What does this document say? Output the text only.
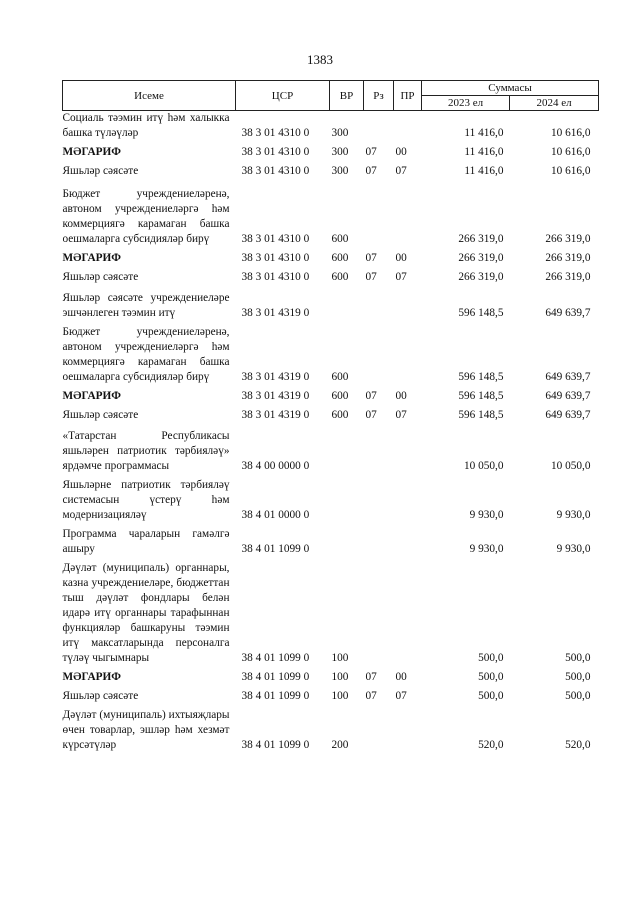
1383
Исеме	ЦСР	ВР	Рз	ПР	Суммасы	
					2023 ел	2024 ел
Социаль тәэмин итү һәм халыкка башка түләүләр	38 3 01 4310 0	300			11 416,0	10 616,0

МӘГАРИФ	38 3 01 4310 0	300	07	00	11 416,0	10 616,0

Яшьләр сәясәте	38 3 01 4310 0	300	07	07	11 416,0	10 616,0

Бюджет учреждениеләренә, автоном учреждениеләргә һәм коммерциягә карамаган башка оешмаларга субсидияләр бирү	38 3 01 4310 0	600			266 319,0	266 319,0

МӘГАРИФ	38 3 01 4310 0	600	07	00	266 319,0	266 319,0

Яшьләр сәясәте	38 3 01 4310 0	600	07	07	266 319,0	266 319,0

Яшьләр сәясәте учреждениеләре эшчәнлеген тәэмин итү	38 3 01 4319 0				596 148,5	649 639,7

Бюджет учреждениеләренә, автоном учреждениеләргә һәм коммерциягә карамаган башка оешмаларга субсидияләр бирү	38 3 01 4319 0	600			596 148,5	649 639,7

МӘГАРИФ	38 3 01 4319 0	600	07	00	596 148,5	649 639,7

Яшьләр сәясәте	38 3 01 4319 0	600	07	07	596 148,5	649 639,7

«Татарстан Республикасы яшьләрен патриотик тәрбияләү» ярдәмче программасы	38 4 00 0000 0				10 050,0	10 050,0

Яшьләрне патриотик тәрбияләү системасын үстерү һәм модернизацияләү	38 4 01 0000 0				9 930,0	9 930,0

Программа чараларын гамәлгә ашыру	38 4 01 1099 0				9 930,0	9 930,0

Дәүләт (муниципаль) органнары, казна учреждениеләре, бюджеттан тыш дәүләт фондлары белән идарә итү органнары тарафыннан функцияләр башкаруны тәэмин итү максатларында персоналга түләү чыгымнары	38 4 01 1099 0	100			500,0	500,0

МӘГАРИФ	38 4 01 1099 0	100	07	00	500,0	500,0

Яшьләр сәясәте	38 4 01 1099 0	100	07	07	500,0	500,0

Дәүләт (муниципаль) ихтыяҗлары өчен товарлар, эшләр һәм хезмәт күрсәтүләр	38 4 01 1099 0	200			520,0	520,0
